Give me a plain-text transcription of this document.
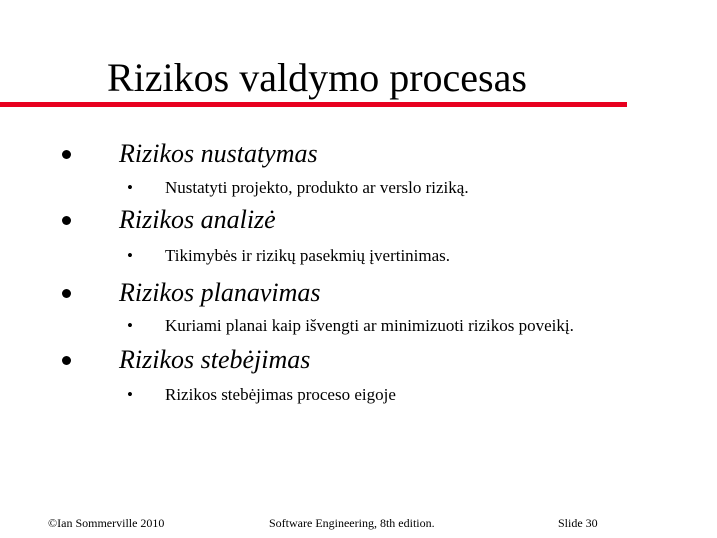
Rizikos valdymo procesas
Rizikos nustatymas
• Nustatyti projekto, produkto ar verslo riziką.
Rizikos analizė
• Tikimybės ir rizikų pasekmių įvertinimas.
Rizikos planavimas
• Kuriami planai kaip išvengti ar minimizuoti rizikos poveikį.
Rizikos stebėjimas
• Rizikos stebėjimas proceso eigoje
©Ian Sommerville 2010	Software Engineering, 8th edition.	Slide 30
